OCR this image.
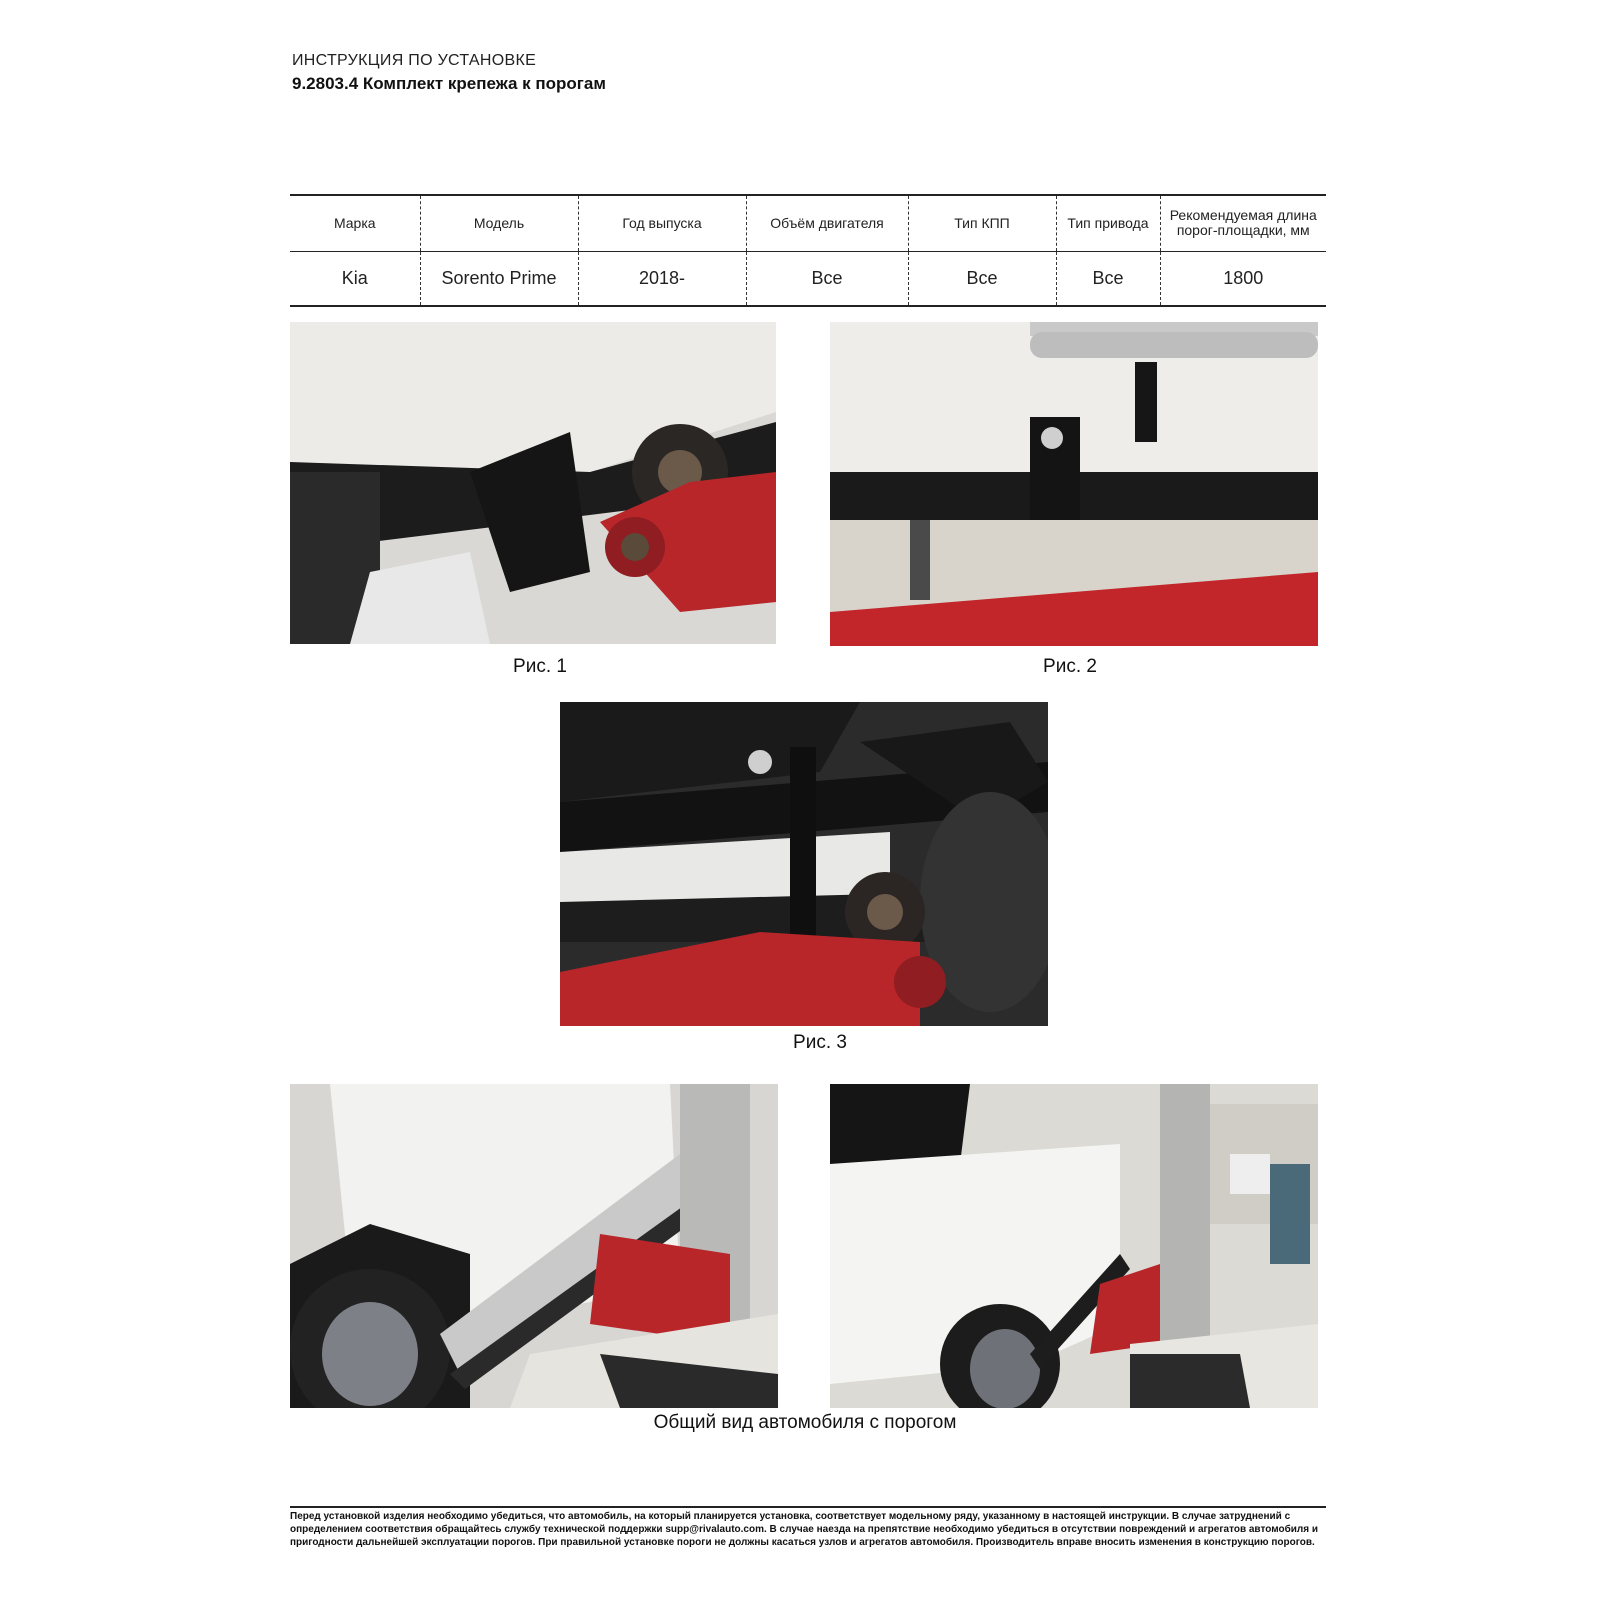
ИНСТРУКЦИЯ ПО УСТАНОВКЕ
9.2803.4 Комплект крепежа к порогам
Марка	Модель	Год выпуска	Объём двигателя	Тип КПП	Тип привода	Рекомендуемая длина порог-площадки, мм
Kia	Sorento Prime	2018-	Все	Все	Все	1800
Рис. 1	Рис. 2
Рис. 3
Общий вид автомобиля с порогом
Перед установкой изделия необходимо убедиться, что автомобиль, на который планируется установка, соответствует модельному ряду, указанному в настоящей инструкции. В случае затруднений с определением соответствия обращайтесь службу технической поддержки supp@rivalauto.com. В случае наезда на препятствие необходимо убедиться в отсутствии повреждений и агрегатов автомобиля и пригодности дальнейшей эксплуатации порогов. При правильной установке пороги не должны касаться узлов и агрегатов автомобиля. Производитель вправе вносить изменения в конструкцию порогов.
